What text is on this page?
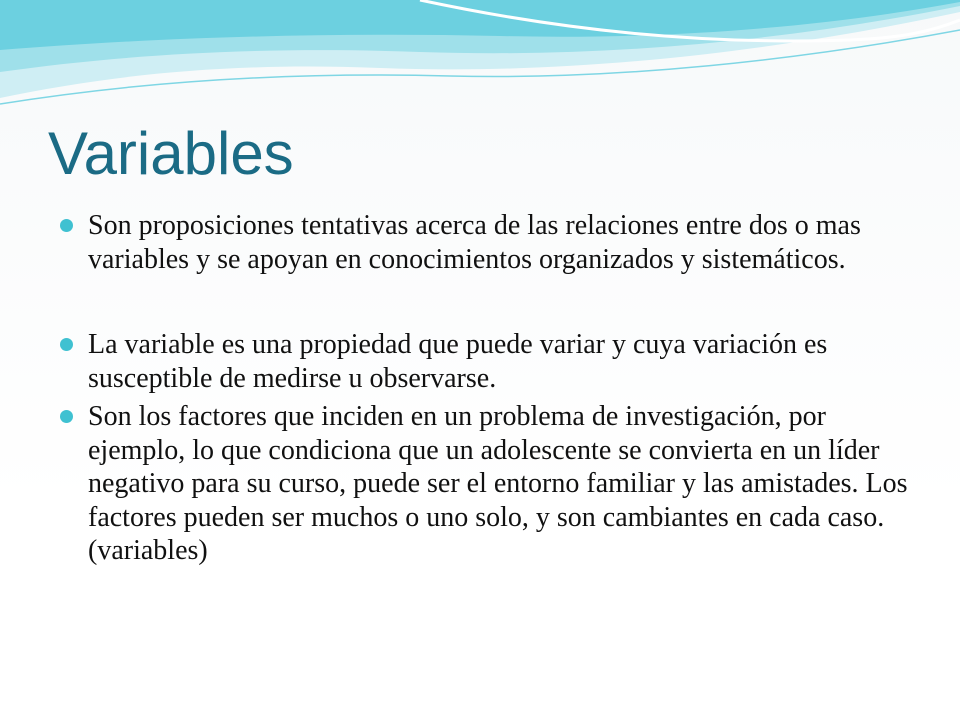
Variables
Son proposiciones tentativas acerca de las relaciones entre dos o mas variables y se apoyan en conocimientos organizados y sistemáticos.
La variable es una propiedad que puede variar y cuya variación es susceptible de medirse u observarse.
Son los factores que inciden en un problema de investigación, por ejemplo, lo que condiciona que un adolescente se convierta en un líder negativo para su curso, puede ser el entorno familiar y las amistades. Los factores pueden ser muchos o uno solo, y son cambiantes en cada caso. (variables)
